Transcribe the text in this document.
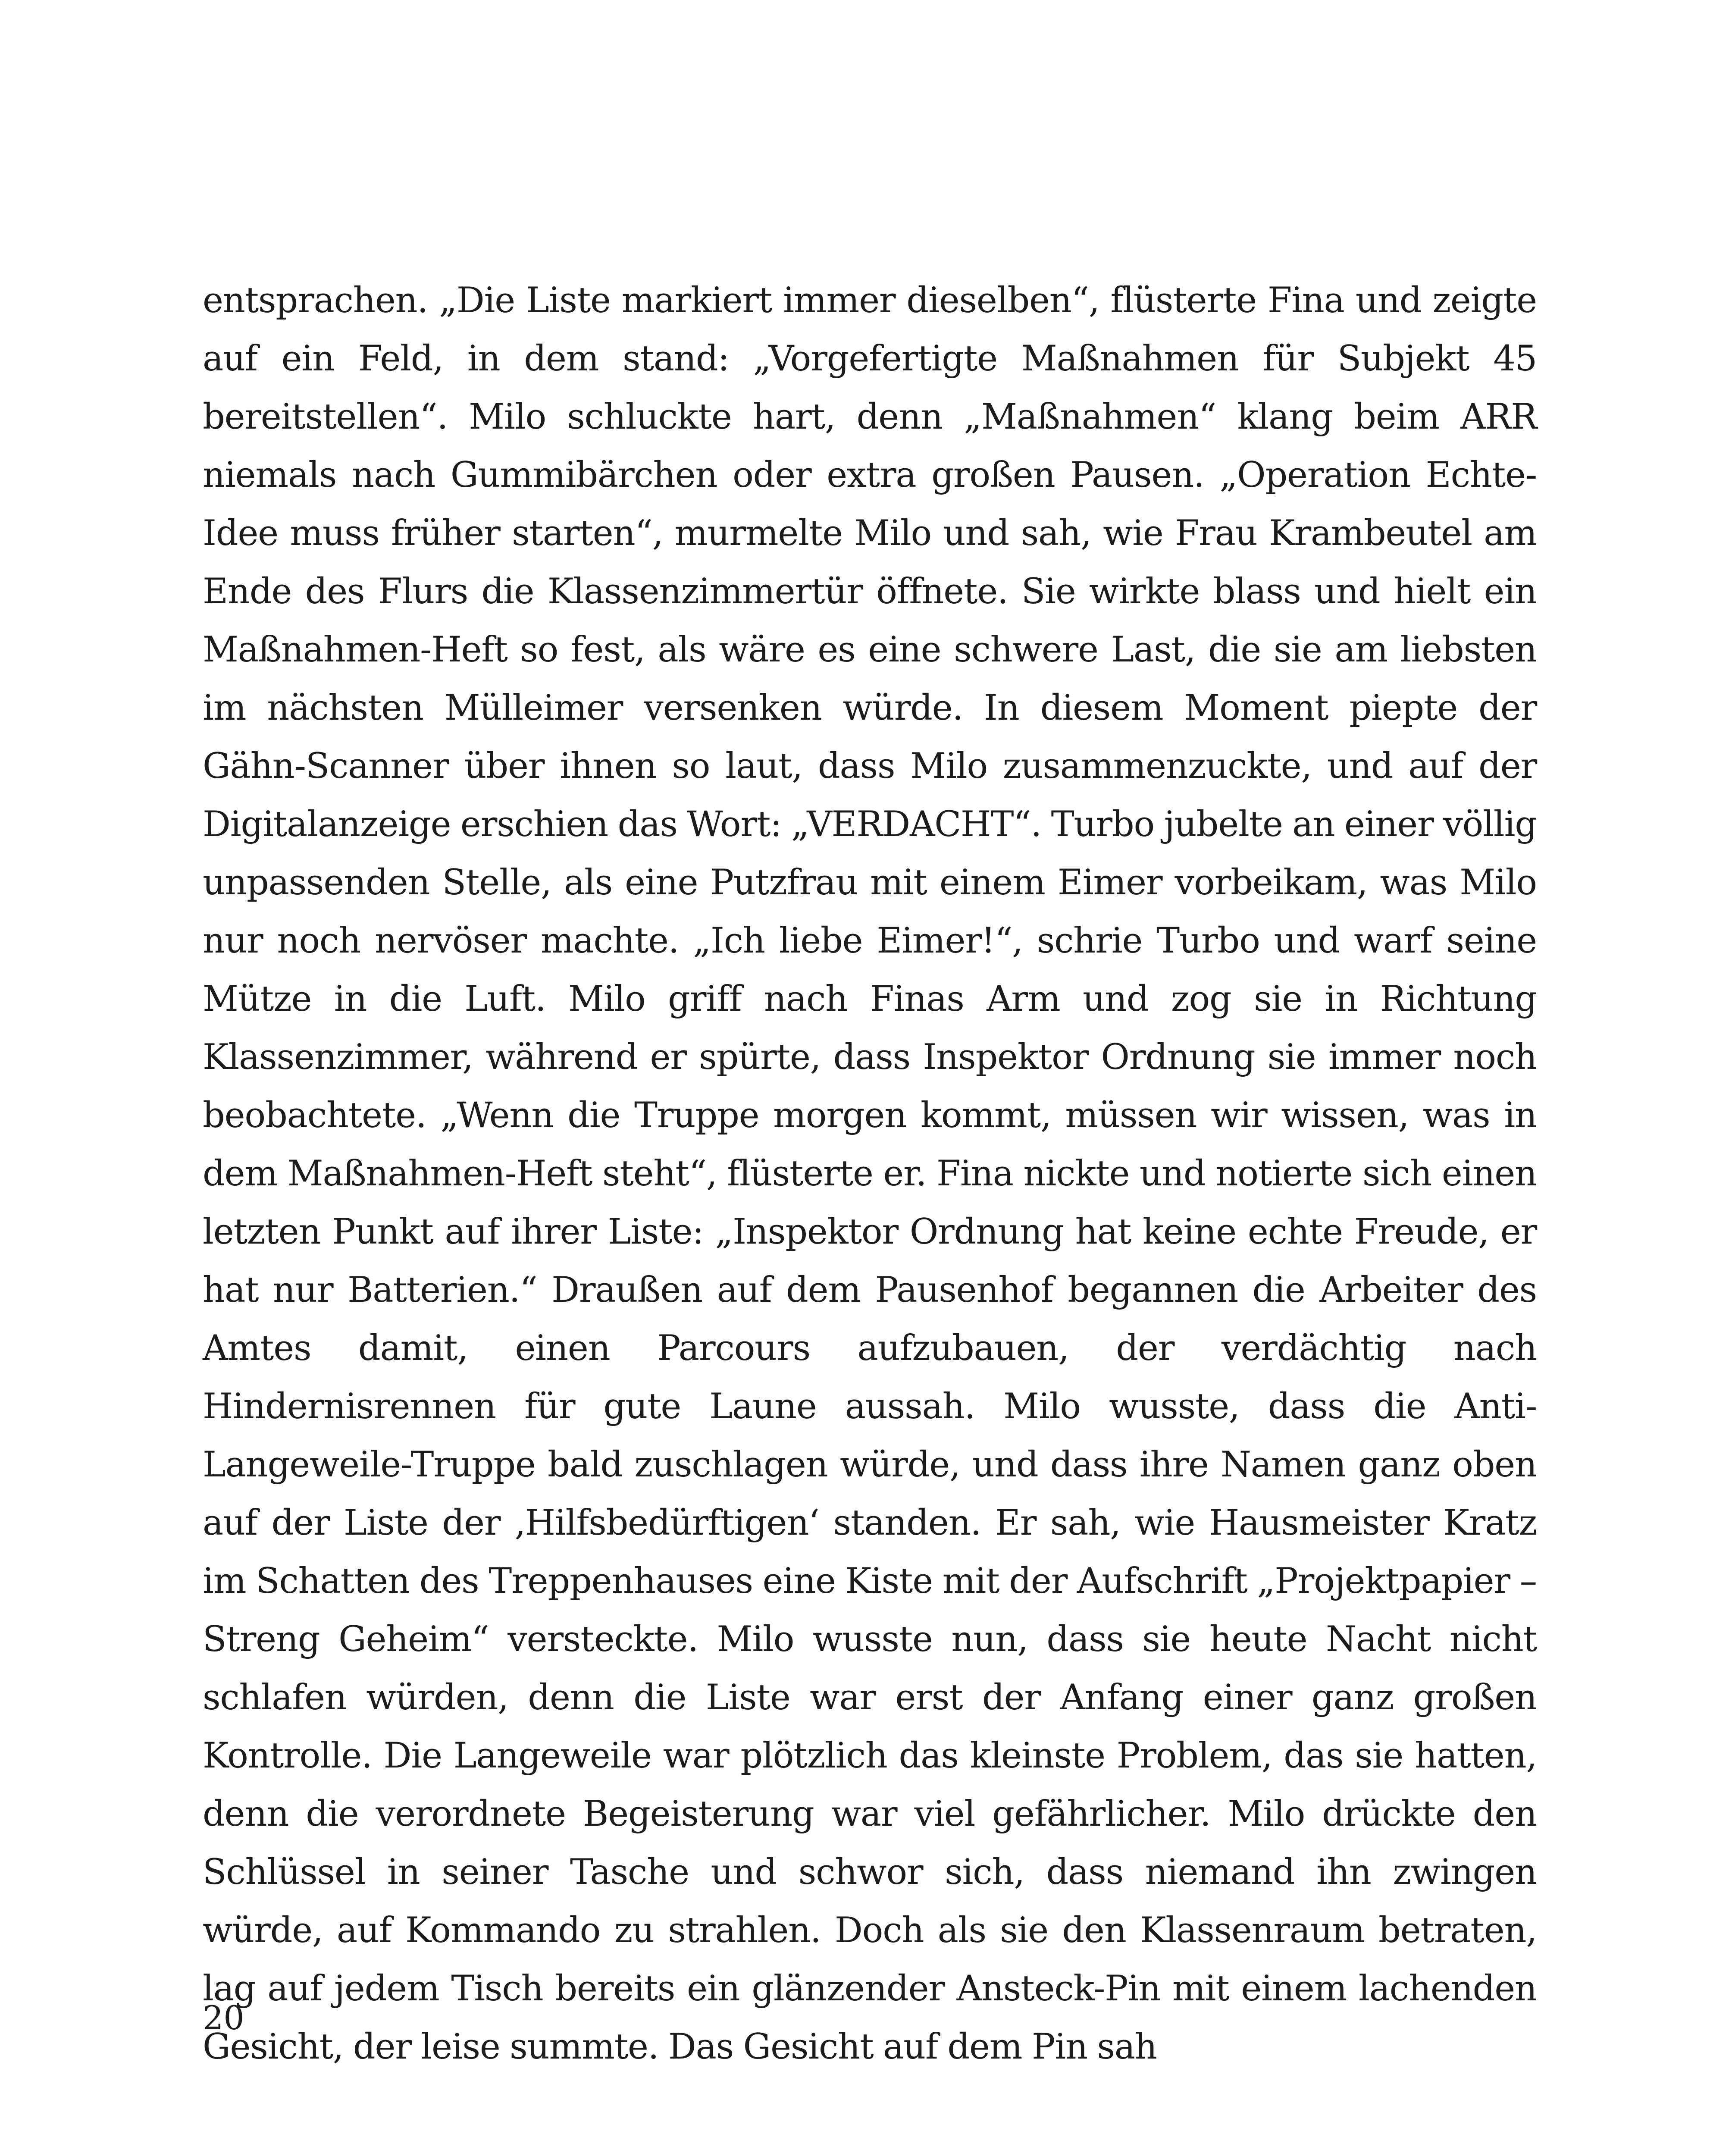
entsprachen. „Die Liste markiert immer dieselben“, flüsterte Fina und zeigte auf ein Feld, in dem stand: „Vorgefertigte Maßnahmen für Subjekt 45 bereitstellen“. Milo schluckte hart, denn „Maßnahmen“ klang beim ARR niemals nach Gummibärchen oder extra großen Pausen. „Operation Echte-Idee muss früher starten“, murmelte Milo und sah, wie Frau Krambeutel am Ende des Flurs die Klassenzimmertür öffnete. Sie wirkte blass und hielt ein Maßnahmen-Heft so fest, als wäre es eine schwere Last, die sie am liebsten im nächsten Mülleimer versenken würde. In diesem Moment piepte der Gähn-Scanner über ihnen so laut, dass Milo zusammenzuckte, und auf der Digitalanzeige erschien das Wort: „VERDACHT“. Turbo jubelte an einer völlig unpassenden Stelle, als eine Putzfrau mit einem Eimer vorbeikam, was Milo nur noch nervöser machte. „Ich liebe Eimer!“, schrie Turbo und warf seine Mütze in die Luft. Milo griff nach Finas Arm und zog sie in Richtung Klassenzimmer, während er spürte, dass Inspektor Ordnung sie immer noch beobachtete. „Wenn die Truppe morgen kommt, müssen wir wissen, was in dem Maßnahmen-Heft steht“, flüsterte er. Fina nickte und notierte sich einen letzten Punkt auf ihrer Liste: „Inspektor Ordnung hat keine echte Freude, er hat nur Batterien.“ Draußen auf dem Pausenhof begannen die Arbeiter des Amtes damit, einen Parcours aufzubauen, der verdächtig nach Hindernisrennen für gute Laune aussah. Milo wusste, dass die Anti-Langeweile-Truppe bald zuschlagen würde, und dass ihre Namen ganz oben auf der Liste der ‚Hilfsbedürftigen‘ standen. Er sah, wie Hausmeister Kratz im Schatten des Treppenhauses eine Kiste mit der Aufschrift „Projektpapier – Streng Geheim“ versteckte. Milo wusste nun, dass sie heute Nacht nicht schlafen würden, denn die Liste war erst der Anfang einer ganz großen Kontrolle. Die Langeweile war plötzlich das kleinste Problem, das sie hatten, denn die verordnete Begeisterung war viel gefährlicher. Milo drückte den Schlüssel in seiner Tasche und schwor sich, dass niemand ihn zwingen würde, auf Kommando zu strahlen. Doch als sie den Klassenraum betraten, lag auf jedem Tisch bereits ein glänzender Ansteck-Pin mit einem lachenden Gesicht, der leise summte. Das Gesicht auf dem Pin sah

20
